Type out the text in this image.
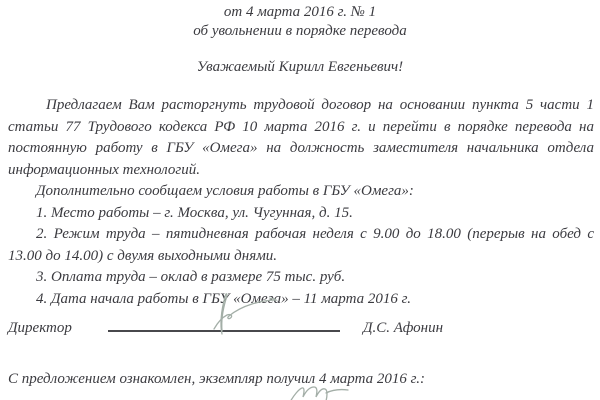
от 4 марта 2016 г. № 1
об увольнении в порядке перевода
Уважаемый Кирилл Евгеньевич!

Предлагаем Вам расторгнуть трудовой договор на основании пункта 5 части 1 статьи 77 Трудового кодекса РФ 10 марта 2016 г. и перейти в порядке перевода на постоянную работу в ГБУ «Омега» на должность заместителя начальника отдела информационных технологий.

Дополнительно сообщаем условия работы в ГБУ «Омега»:

1. Место работы – г. Москва, ул. Чугунная, д. 15.

2. Режим труда – пятидневная рабочая неделя с 9.00 до 18.00 (перерыв на обед с 13.00 до 14.00) с двумя выходными днями.

3. Оплата труда – оклад в размере 75 тыс. руб.

4. Дата начала работы в ГБУ «Омега» – 11 марта 2016 г.

Директор	Д.С. Афонин
С предложением ознакомлен, экземпляр получил 4 марта 2016 г.:
